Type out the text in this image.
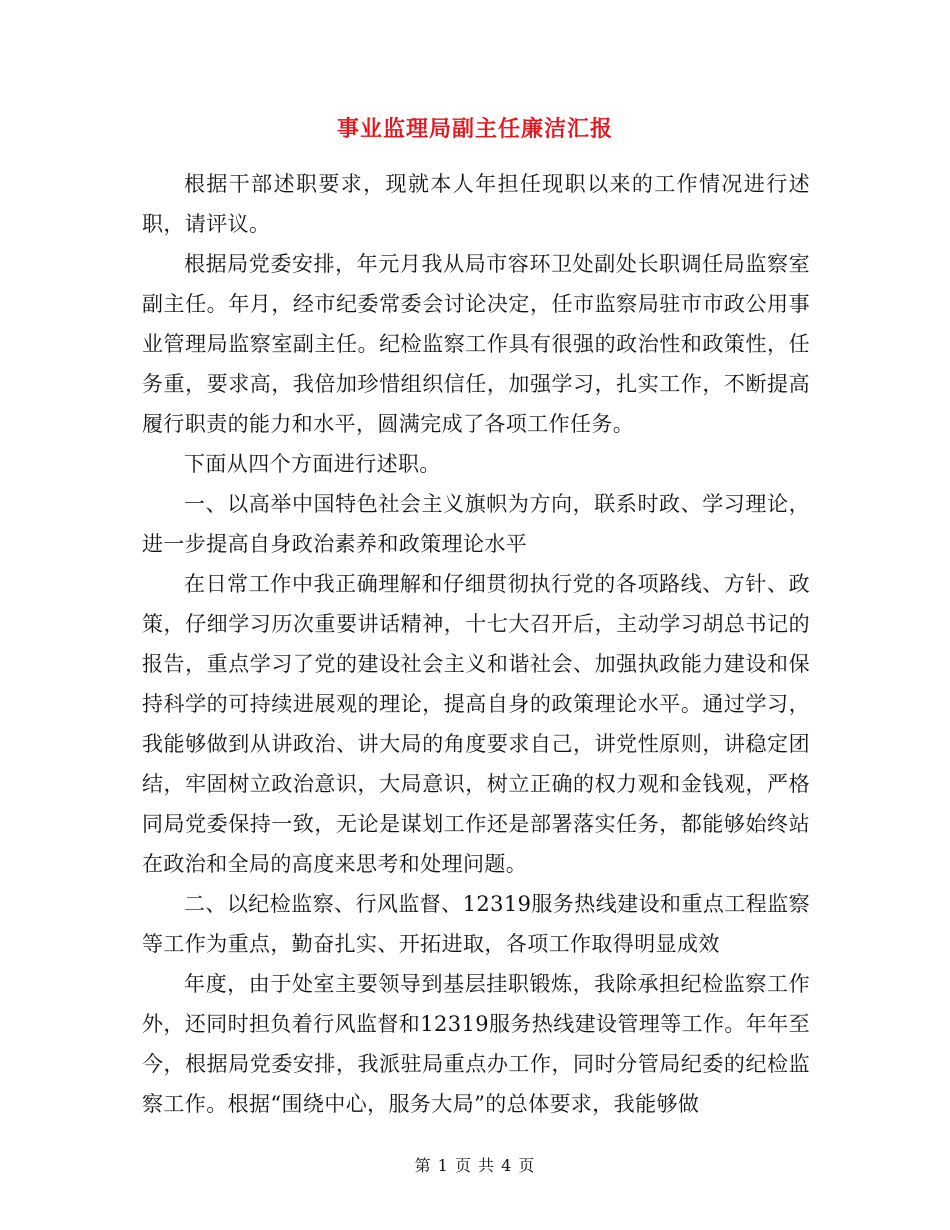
事业监理局副主任廉洁汇报

根据干部述职要求，现就本人年担任现职以来的工作情况进行述职，请评议。

根据局党委安排，年元月我从局市容环卫处副处长职调任局监察室副主任。年月，经市纪委常委会讨论决定，任市监察局驻市市政公用事业管理局监察室副主任。纪检监察工作具有很强的政治性和政策性，任务重，要求高，我倍加珍惜组织信任，加强学习，扎实工作，不断提高履行职责的能力和水平，圆满完成了各项工作任务。

下面从四个方面进行述职。

一、以高举中国特色社会主义旗帜为方向，联系时政、学习理论，进一步提高自身政治素养和政策理论水平

在日常工作中我正确理解和仔细贯彻执行党的各项路线、方针、政策，仔细学习历次重要讲话精神，十七大召开后，主动学习胡总书记的报告，重点学习了党的建设社会主义和谐社会、加强执政能力建设和保持科学的可持续进展观的理论，提高自身的政策理论水平。通过学习，我能够做到从讲政治、讲大局的角度要求自己，讲党性原则，讲稳定团结，牢固树立政治意识，大局意识，树立正确的权力观和金钱观，严格同局党委保持一致，无论是谋划工作还是部署落实任务，都能够始终站在政治和全局的高度来思考和处理问题。

二、以纪检监察、行风监督、12319服务热线建设和重点工程监察等工作为重点，勤奋扎实、开拓进取，各项工作取得明显成效

年度，由于处室主要领导到基层挂职锻炼，我除承担纪检监察工作外，还同时担负着行风监督和12319服务热线建设管理等工作。年年至今，根据局党委安排，我派驻局重点办工作，同时分管局纪委的纪检监察工作。根据“围绕中心，服务大局”的总体要求，我能够做

第 1 页 共 4 页
